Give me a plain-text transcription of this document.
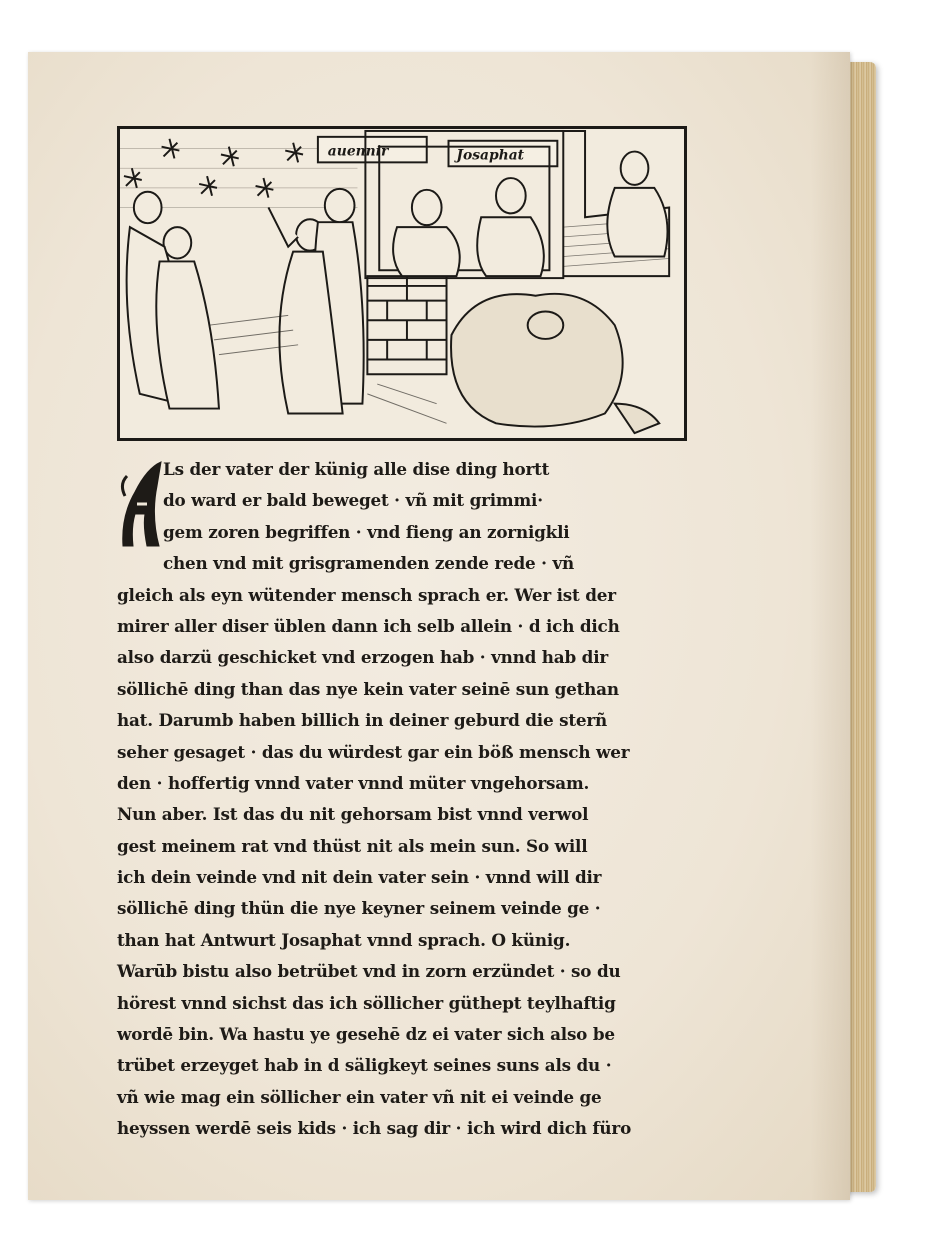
auennir	Josaphat
A
Ls der vater der künig alle dise ding hortt
do ward er bald beweget · vñ mit grimmi·
gem zoren begriffen · vnd fieng an zornigkli
chen vnd mit grisgramenden zende rede · vñ
gleich als eyn wütender mensch sprach er. Wer ist der
mirer aller diser üblen dann ich selb allein · d ich dich
also darzü geschicket vnd erzogen hab · vnnd hab dir
söllichē ding than das nye kein vater seinē sun gethan
hat. Darumb haben billich in deiner geburd die sterñ
seher gesaget · das du würdest gar ein böß mensch wer
den · hoffertig vnnd vater vnnd müter vngehorsam.
Nun aber. Ist das du nit gehorsam bist vnnd verwol
gest meinem rat vnd thüst nit als mein sun. So will
ich dein veinde vnd nit dein vater sein · vnnd will dir
söllichē ding thün die nye keyner seinem veinde ge ·
than hat Antwurt Josaphat vnnd sprach. O künig.
Warūb bistu also betrübet vnd in zorn erzündet · so du
hörest vnnd sichst das ich söllicher güthept teylhaftig
wordē bin. Wa hastu ye gesehē dz ei vater sich also be
trübet erzeyget hab in d säligkeyt seines suns als du ·
vñ wie mag ein söllicher ein vater vñ nit ei veinde ge
heyssen werdē seis kids · ich sag dir · ich wird dich füro
